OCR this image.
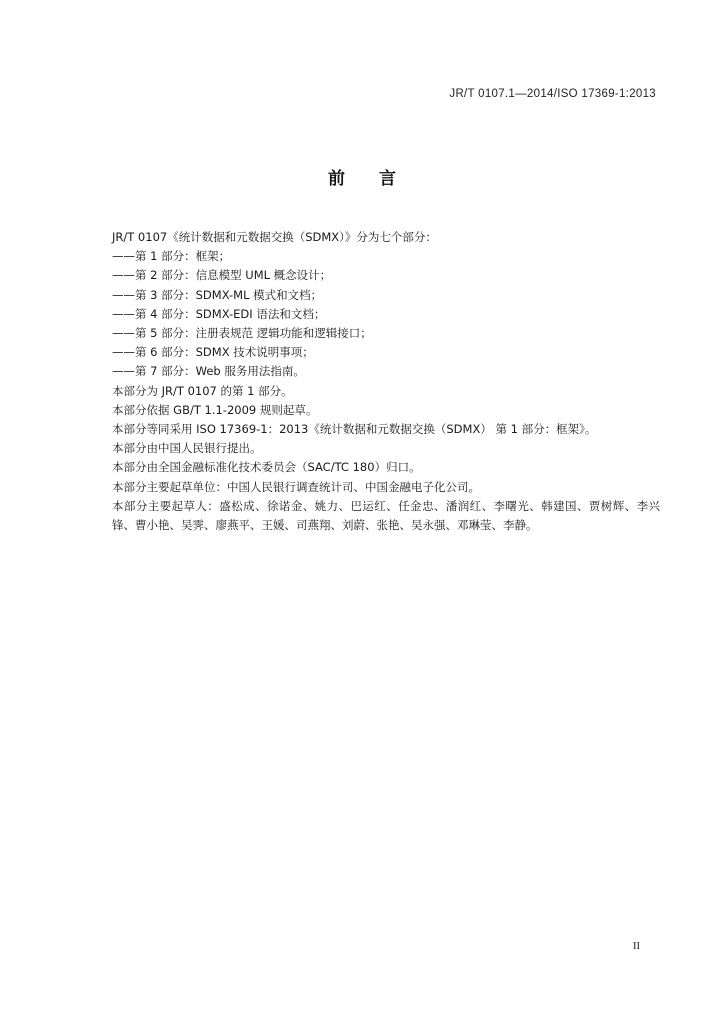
JR/T 0107.1—2014/ISO 17369-1:2013
前言
JR/T 0107《统计数据和元数据交换（SDMX）》分为七个部分：
——第 1 部分：框架；
——第 2 部分：信息模型 UML 概念设计；
——第 3 部分：SDMX-ML 模式和文档；
——第 4 部分：SDMX-EDI 语法和文档；
——第 5 部分：注册表规范 逻辑功能和逻辑接口；
——第 6 部分：SDMX 技术说明事项；
——第 7 部分：Web 服务用法指南。
本部分为 JR/T 0107 的第 1 部分。
本部分依据 GB/T 1.1-2009 规则起草。
本部分等同采用 ISO 17369-1：2013《统计数据和元数据交换（SDMX） 第 1 部分：框架》。
本部分由中国人民银行提出。
本部分由全国金融标准化技术委员会（SAC/TC 180）归口。
本部分主要起草单位：中国人民银行调查统计司、中国金融电子化公司。
本部分主要起草人：盛松成、徐诺金、姚力、巴运红、任金忠、潘润红、李曙光、韩建国、贾树辉、李兴锋、曹小艳、吴霁、廖燕平、王媛、司燕翔、刘蔚、张艳、吴永强、邓琳莹、李静。
II
